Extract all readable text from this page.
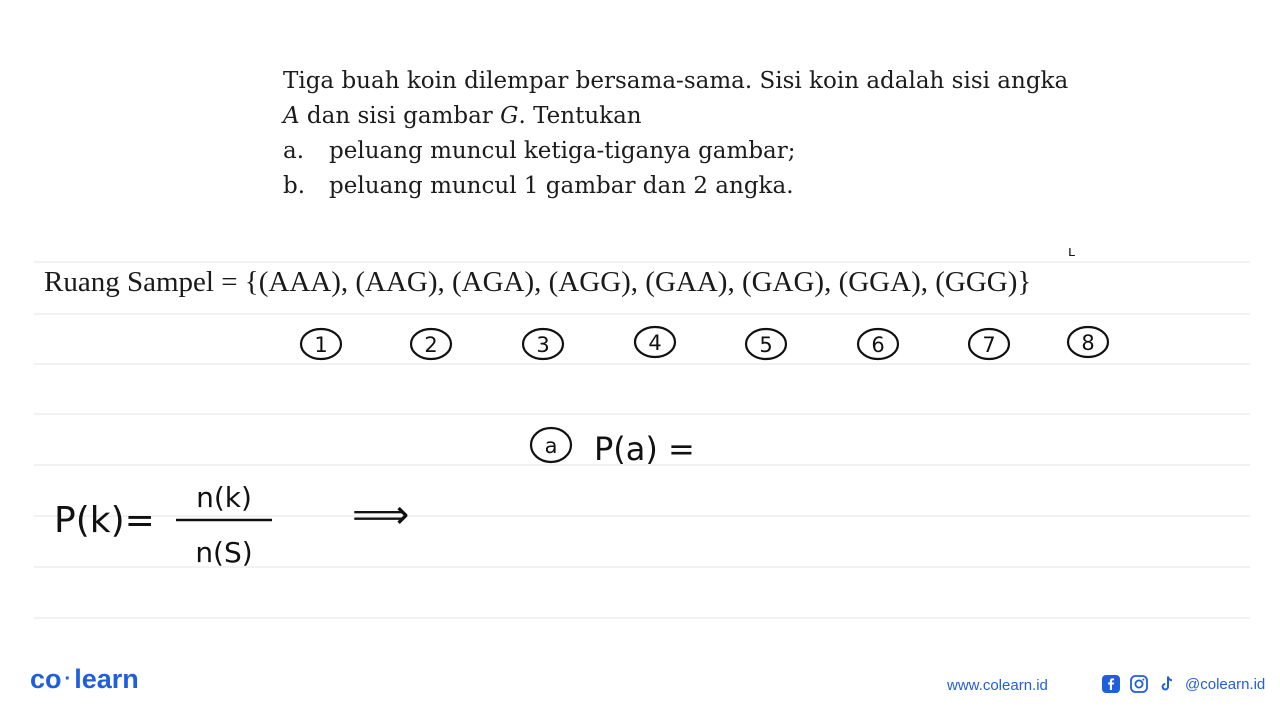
Tiga buah koin dilempar bersama-sama. Sisi koin adalah sisi angka
A dan sisi gambar G. Tentukan
a.	peluang muncul ketiga-tiganya gambar;
b.	peluang muncul 1 gambar dan 2 angka.
Ruang Sampel = {(AAA), (AAG), (AGA), (AGG), (GAA), (GAG), (GGA), (GGG)}
1	2	3	4	5	6	7	8
a P(a) =
ʟ
P(k)=
n(k)
n(S)
⟹
co · learn	www.colearn.id	@colearn.id
